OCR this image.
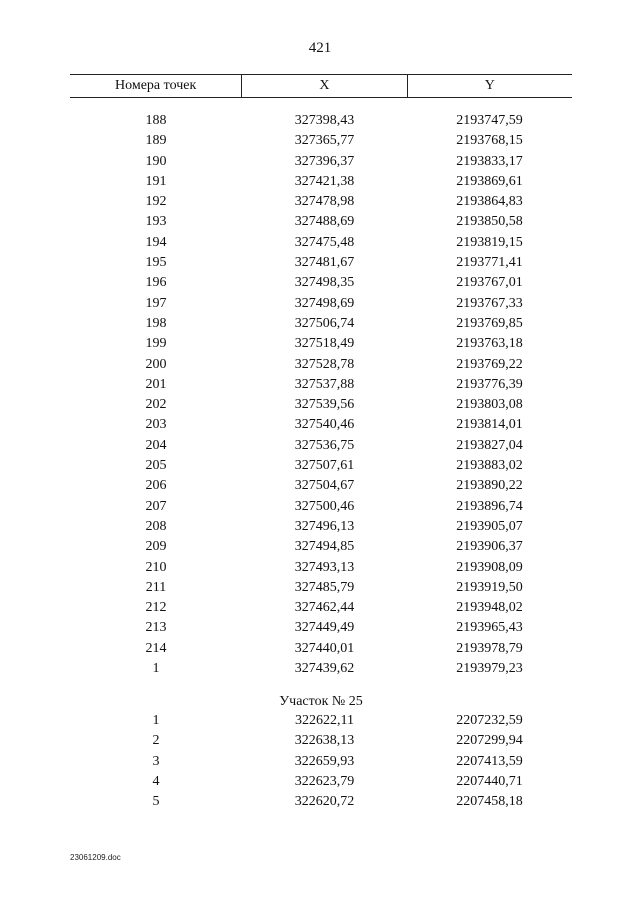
421
Номера точек	X	Y
188	327398,43	2193747,59
189	327365,77	2193768,15
190	327396,37	2193833,17
191	327421,38	2193869,61
192	327478,98	2193864,83
193	327488,69	2193850,58
194	327475,48	2193819,15
195	327481,67	2193771,41
196	327498,35	2193767,01
197	327498,69	2193767,33
198	327506,74	2193769,85
199	327518,49	2193763,18
200	327528,78	2193769,22
201	327537,88	2193776,39
202	327539,56	2193803,08
203	327540,46	2193814,01
204	327536,75	2193827,04
205	327507,61	2193883,02
206	327504,67	2193890,22
207	327500,46	2193896,74
208	327496,13	2193905,07
209	327494,85	2193906,37
210	327493,13	2193908,09
211	327485,79	2193919,50
212	327462,44	2193948,02
213	327449,49	2193965,43
214	327440,01	2193978,79
1	327439,62	2193979,23
Участок № 25
1	322622,11	2207232,59
2	322638,13	2207299,94
3	322659,93	2207413,59
4	322623,79	2207440,71
5	322620,72	2207458,18
23061209.doc
